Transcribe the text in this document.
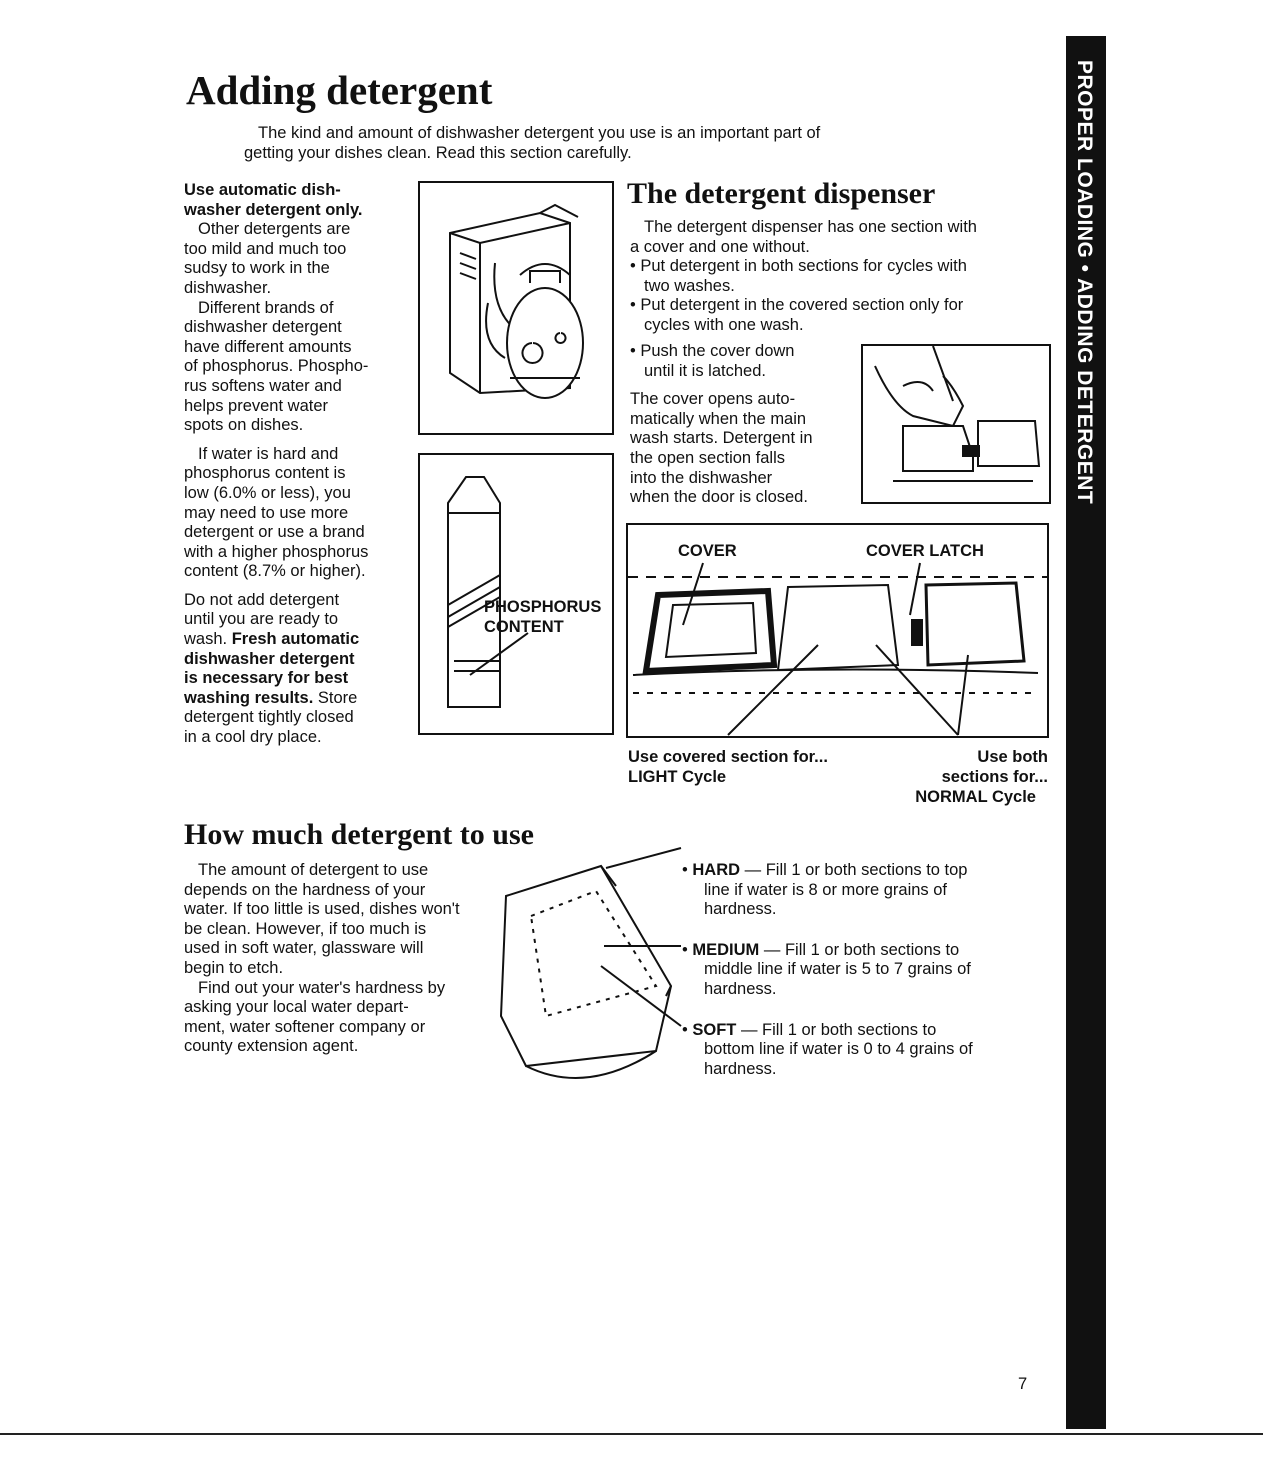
PROPER LOADING • ADDING DETERGENT
Adding detergent
The kind and amount of dishwasher detergent you use is an important part of
getting your dishes clean. Read this section carefully.

Use automatic dish-

washer detergent only.

Other detergents are

too mild and much too

sudsy to work in the

dishwasher.

Different brands of

dishwasher detergent

have different amounts

of phosphorus. Phospho-

rus softens water and

helps prevent water

spots on dishes.

If water is hard and

phosphorus content is

low (6.0% or less), you

may need to use more

detergent or use a brand

with a higher phosphorus

content (8.7% or higher).

Do not add detergent

until you are ready to

wash. Fresh automatic

dishwasher detergent

is necessary for best

washing results. Store

detergent tightly closed

in a cool dry place.

PHOSPHORUS
CONTENT
The detergent dispenser

The detergent dispenser has one section with

a cover and one without.

• Put detergent in both sections for cycles with

two washes.

• Put detergent in the covered section only for

cycles with one wash.

• Push the cover down

until it is latched.

The cover opens auto-

matically when the main

wash starts. Detergent in

the open section falls

into the dishwasher

when the door is closed.

COVER	COVER LATCH
Use covered section for...
LIGHT Cycle
Use both
sections for...
NORMAL Cycle
How much detergent to use

The amount of detergent to use

depends on the hardness of your

water. If too little is used, dishes won't

be clean. However, if too much is

used in soft water, glassware will

begin to etch.

Find out your water's hardness by

asking your local water depart-

ment, water softener company or

county extension agent.

• HARD — Fill 1 or both sections to top

line if water is 8 or more grains of

hardness.

• MEDIUM — Fill 1 or both sections to

middle line if water is 5 to 7 grains of

hardness.

• SOFT — Fill 1 or both sections to

bottom line if water is 0 to 4 grains of

hardness.

7
